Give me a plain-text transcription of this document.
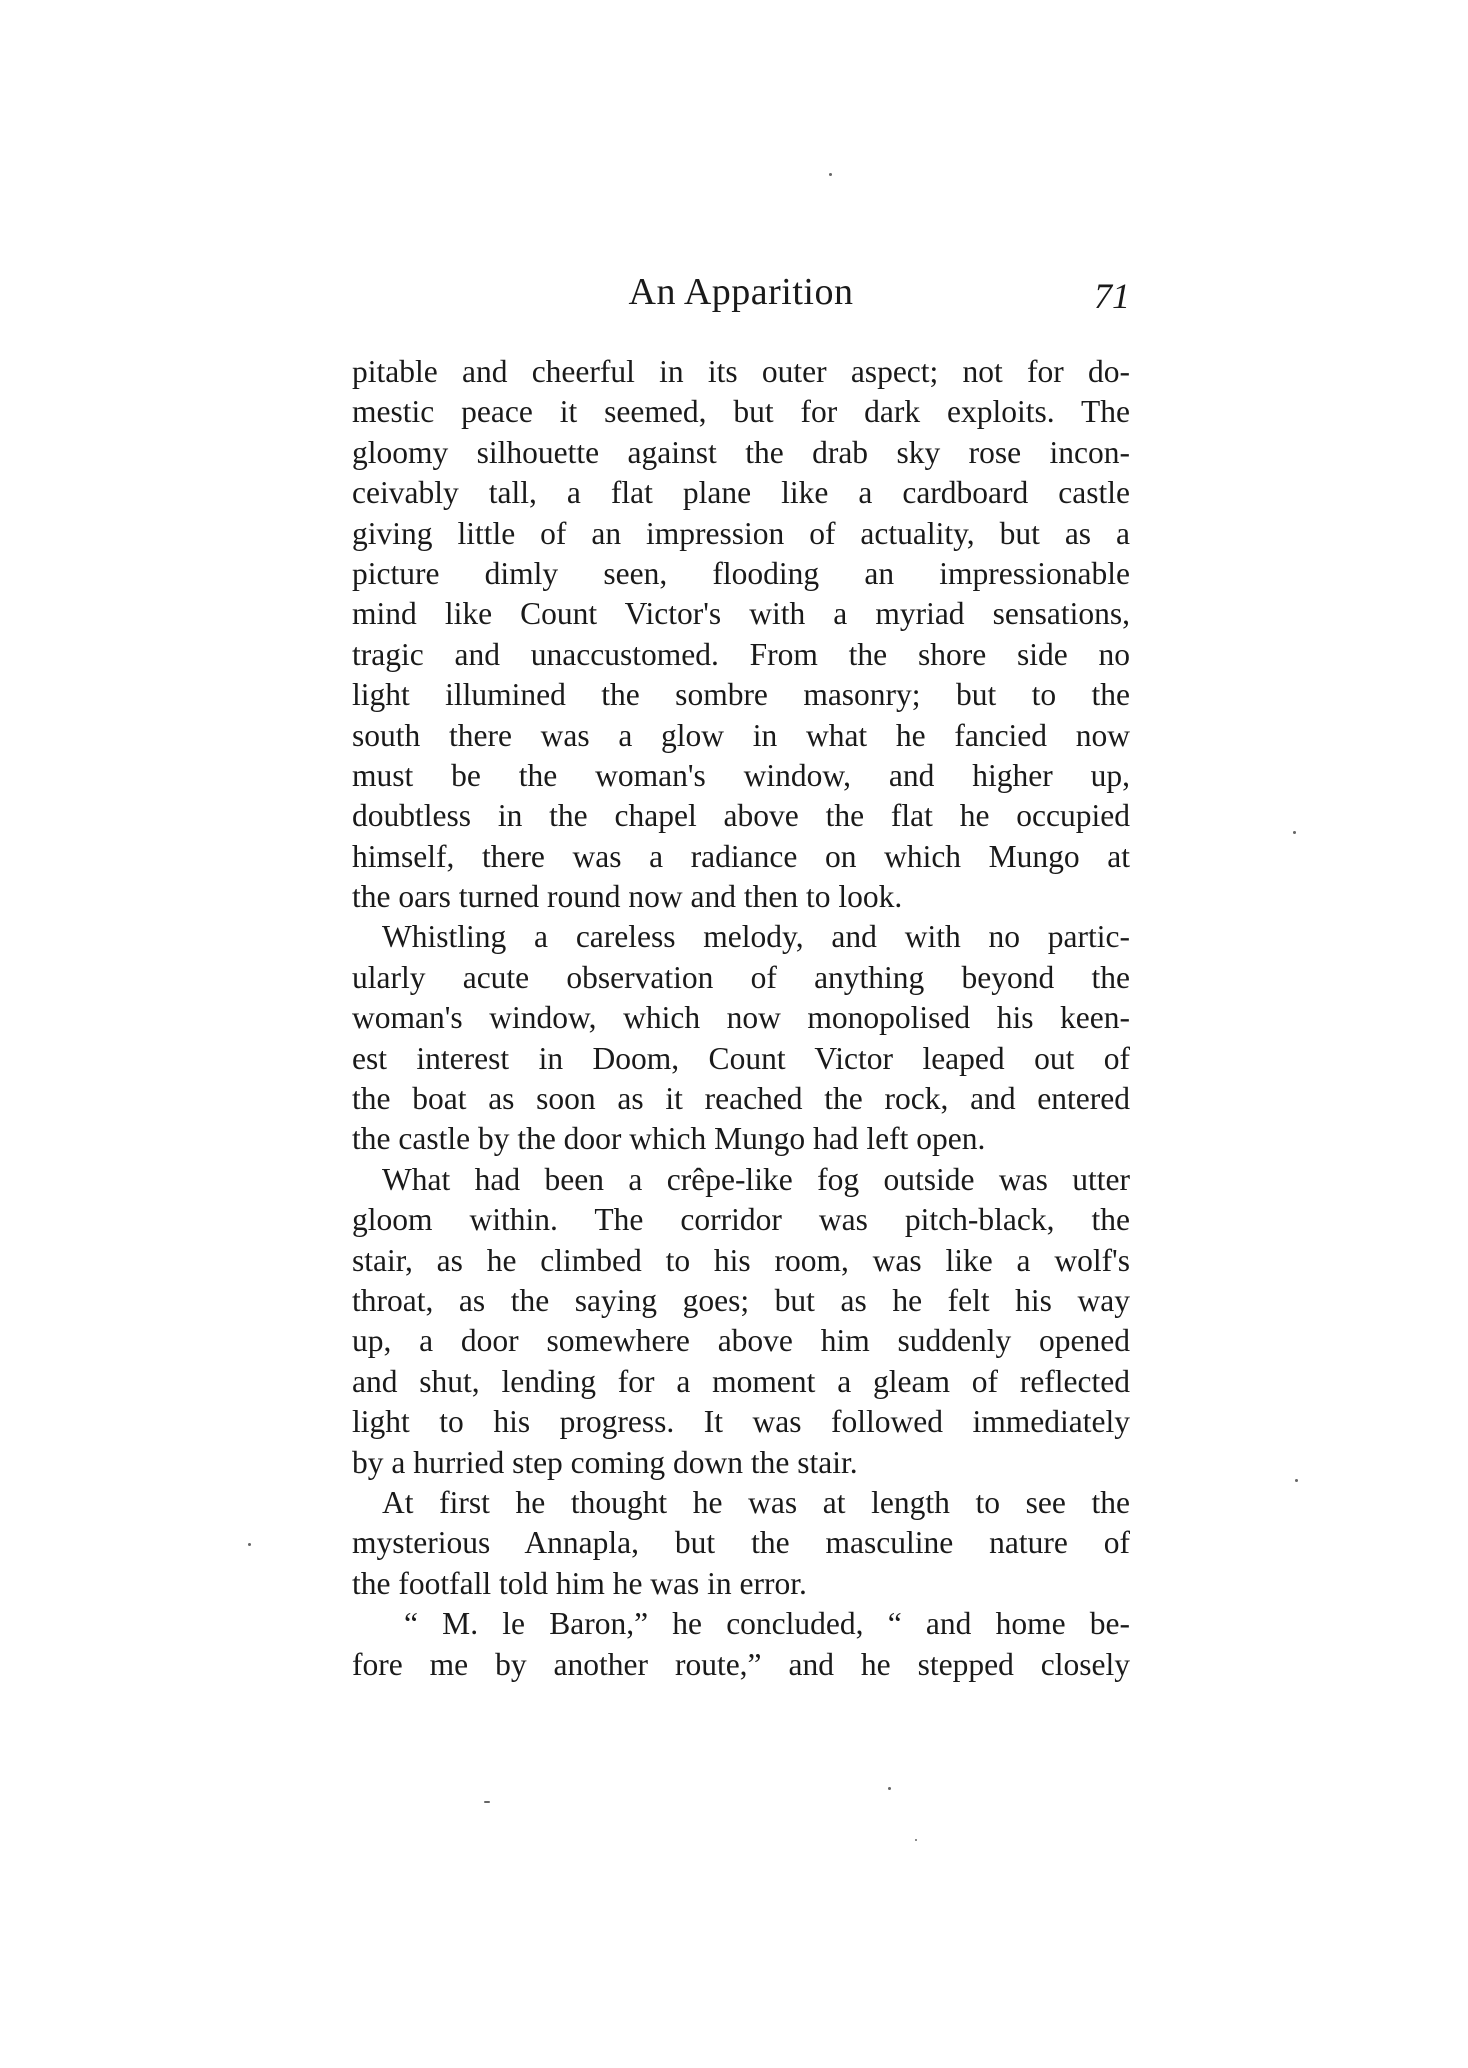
An Apparition	71
pitable and cheerful in its outer aspect; not for do-
mestic peace it seemed, but for dark exploits. The
gloomy silhouette against the drab sky rose incon-
ceivably tall, a flat plane like a cardboard castle
giving little of an impression of actuality, but as a
picture dimly seen, flooding an impressionable
mind like Count Victor's with a myriad sensations,
tragic and unaccustomed. From the shore side no
light illumined the sombre masonry; but to the
south there was a glow in what he fancied now
must be the woman's window, and higher up,
doubtless in the chapel above the flat he occupied
himself, there was a radiance on which Mungo at
the oars turned round now and then to look.
Whistling a careless melody, and with no partic-
ularly acute observation of anything beyond the
woman's window, which now monopolised his keen-
est interest in Doom, Count Victor leaped out of
the boat as soon as it reached the rock, and entered
the castle by the door which Mungo had left open.
What had been a crêpe-like fog outside was utter
gloom within. The corridor was pitch-black, the
stair, as he climbed to his room, was like a wolf's
throat, as the saying goes; but as he felt his way
up, a door somewhere above him suddenly opened
and shut, lending for a moment a gleam of reflected
light to his progress. It was followed immediately
by a hurried step coming down the stair.
At first he thought he was at length to see the
mysterious Annapla, but the masculine nature of
the footfall told him he was in error.
“ M. le Baron,” he concluded, “ and home be-
fore me by another route,” and he stepped closely
